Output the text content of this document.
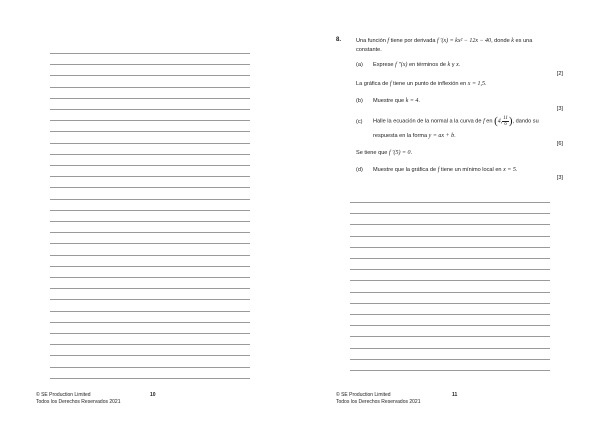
© SE Production Limited
Todos los Derechos Reservados 2021
10
8.	Una función f tiene por derivada f ′(x) = kx² − 12x − 40, donde k es una
constante.
(a) Exprese f ″(x) en términos de k y x.
[2]
La gráfica de f tiene un punto de inflexión en x = 1,5.
(b) Muestre que k = 4.
[3]
(c) Halle la ecuación de la normal a la curva de f en (4, $\frac{11}{6}$ ), dando su
respuesta en la forma y = ax + b.
[6]
Se tiene que f ′(5) = 0.
(d) Muestre que la gráfica de f tiene un mínimo local en x = 5.
[3]
© SE Production Limited
Todos los Derechos Reservados 2021
11
